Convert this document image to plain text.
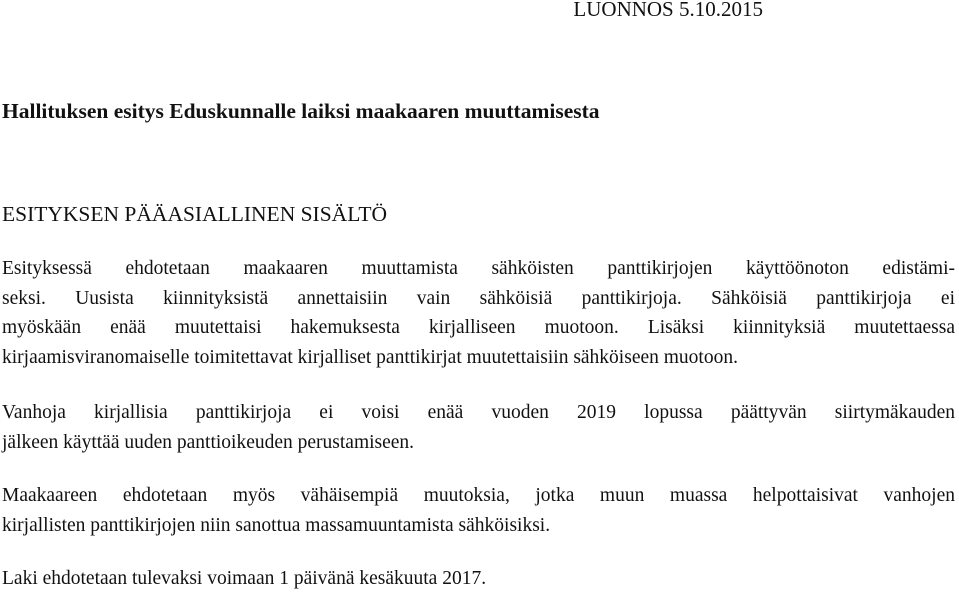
LUONNOS 5.10.2015
Hallituksen esitys Eduskunnalle laiksi maakaaren muuttamisesta
ESITYKSEN PÄÄASIALLINEN SISÄLTÖ
Esityksessä ehdotetaan maakaaren muuttamista sähköisten panttikirjojen käyttöönoton edistämi-
seksi. Uusista kiinnityksistä annettaisiin vain sähköisiä panttikirjoja. Sähköisiä panttikirjoja ei
myöskään enää muutettaisi hakemuksesta kirjalliseen muotoon. Lisäksi kiinnityksiä muutettaessa
kirjaamisviranomaiselle toimitettavat kirjalliset panttikirjat muutettaisiin sähköiseen muotoon.
Vanhoja kirjallisia panttikirjoja ei voisi enää vuoden 2019 lopussa päättyvän siirtymäkauden
jälkeen käyttää uuden panttioikeuden perustamiseen.
Maakaareen ehdotetaan myös vähäisempiä muutoksia, jotka muun muassa helpottaisivat vanhojen
kirjallisten panttikirjojen niin sanottua massamuuntamista sähköisiksi.
Laki ehdotetaan tulevaksi voimaan 1 päivänä kesäkuuta 2017.
